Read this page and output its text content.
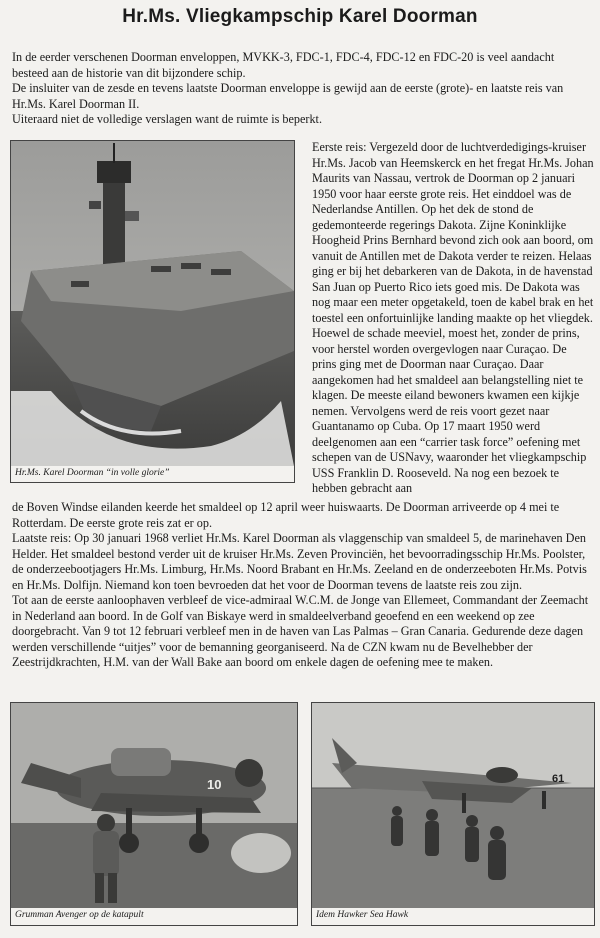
Hr.Ms. Vliegkampschip Karel Doorman

In de eerder verschenen Doorman enveloppen, MVKK-3, FDC-1, FDC-4, FDC-12 en FDC-20 is veel aandacht besteed aan de historie van dit bijzondere schip.

De insluiter van de zesde en tevens laatste Doorman enveloppe is gewijd aan de eerste (grote)- en laatste reis van Hr.Ms. Karel Doorman II.

Uiteraard niet de volledige verslagen want de ruimte is beperkt.

Hr.Ms. Karel Doorman “in volle glorie”

Eerste reis: Vergezeld door de luchtverdedigings-kruiser Hr.Ms. Jacob van Heemskerck en het fregat Hr.Ms. Johan Maurits van Nassau, vertrok de Doorman op 2 januari 1950 voor haar eerste grote reis. Het einddoel was de Nederlandse Antillen. Op het dek de stond de gedemonteerde regerings Dakota. Zijne Koninklijke Hoogheid Prins Bernhard bevond zich ook aan boord, om vanuit de Antillen met de Dakota verder te reizen. Helaas ging er bij het debarkeren van de Dakota, in de havenstad San Juan op Puerto Rico iets goed mis. De Dakota was nog maar een meter opgetakeld, toen de kabel brak en het toestel een onfortuinlijke landing maakte op het vliegdek. Hoewel de schade meeviel, moest het, zonder de prins, voor herstel worden overgevlogen naar Curaçao. De prins ging met de Doorman naar Curaçao. Daar aangekomen had het smaldeel aan belangstelling niet te klagen. De meeste eiland bewoners kwamen een kijkje nemen. Vervolgens werd de reis voort gezet naar Guantanamo op Cuba. Op 17 maart 1950 werd deelgenomen aan een “carrier task force” oefening met schepen van de USNavy, waaronder het vliegkampschip USS Franklin D. Rooseveld. Na nog een bezoek te hebben gebracht aan

de Boven Windse eilanden keerde het smaldeel op 12 april weer huiswaarts. De Doorman arriveerde op 4 mei te Rotterdam. De eerste grote reis zat er op.

Laatste reis: Op 30 januari 1968 verliet Hr.Ms. Karel Doorman als vlaggenschip van smaldeel 5, de marinehaven Den Helder. Het smaldeel bestond verder uit de kruiser Hr.Ms. Zeven Provinciën, het bevoorradingsschip Hr.Ms. Poolster, de onderzeebootjagers Hr.Ms. Limburg, Hr.Ms. Noord Brabant en Hr.Ms. Zeeland en de onderzeeboten Hr.Ms. Potvis en Hr.Ms. Dolfijn. Niemand kon toen bevroeden dat het voor de Doorman tevens de laatste reis zou zijn.

Tot aan de eerste aanloophaven verbleef de vice-admiraal W.C.M. de Jonge van Ellemeet, Commandant der Zeemacht in Nederland aan boord. In de Golf van Biskaye werd in smaldeelverband geoefend en een weekend op zee doorgebracht. Van 9 tot 12 februari verbleef men in de haven van Las Palmas – Gran Canaria. Gedurende deze dagen werden verschillende “uitjes” voor de bemanning georganiseerd. Na de CZN kwam nu de Bevelhebber der Zeestrijdkrachten, H.M. van der Wall Bake aan boord om enkele dagen de oefening mee te maken.

10
Grumman Avenger op de katapult
61
Idem Hawker Sea Hawk
